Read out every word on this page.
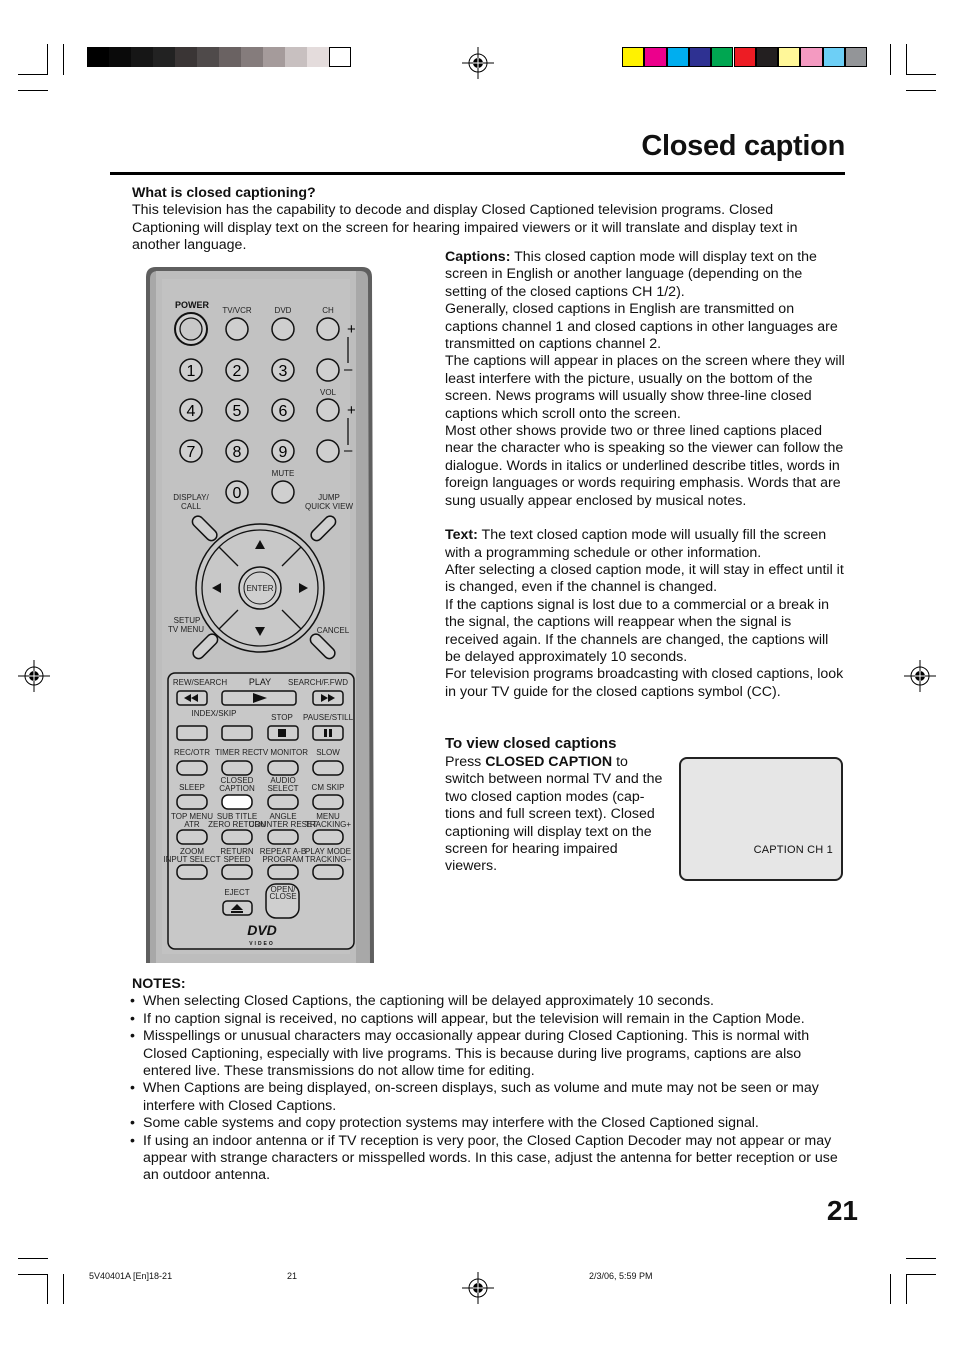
Closed caption
What is closed captioning?
This television has the capability to decode and display Closed Captioned television programs. Closed Captioning will display text on the screen for hearing impaired viewers or it will translate and display text in another language.

Captions: This closed caption mode will display text on the screen in English or another language (depending on the setting of the closed captions CH 1/2).

Generally, closed captions in English are transmitted on captions channel 1 and closed captions in other languages are transmitted on captions channel 2.

The captions will appear in places on the screen where they will least interfere with the picture, usually on the bottom of the screen. News programs will usually show three-line closed captions which scroll onto the screen.

Most other shows provide two or three lined captions placed near the character who is speaking so the viewer can follow the dialogue. Words in italics or underlined describe titles, words in foreign languages or words requiring emphasis. Words that are sung usually appear enclosed by musical notes.

Text: The text closed caption mode will usually fill the screen with a programming schedule or other information.

After selecting a closed caption mode, it will stay in effect until it is changed, even if the channel is changed.

If the captions signal is lost due to a commercial or a break in the signal, the captions will reappear when the signal is received again. If the channels are changed, the captions will be delayed approximately 10 seconds.

For television programs broadcasting with closed captions, look in your TV guide for the closed captions symbol (CC).

To view closed captions
Press CLOSED CAPTION to switch between normal TV and the two closed caption modes (cap-tions and full screen text). Closed captioning will display text on the screen for hearing impaired viewers.
CAPTION CH 1
POWER
TV/VCR	DVD	CH
+
1 2 3
4 5 6
7 8 9
0
–
VOL
+
–
MUTE
DISPLAY/
CALL
JUMP
QUICK VIEW
ENTER
SETUP
TV MENU	CANCEL
REW/SEARCH PLAY SEARCH/F.FWD
INDEX/SKIP	STOP PAUSE/STILL
REC/OTR TIMER REC
TV MONITOR SLOW
SLEEP
CLOSED
CAPTION
AUDIO
SELECT CM SKIP
TOP MENU
ATR
SUB TITLE
ZERO RETURN
ANGLE
COUNTER RESET
MENU
TRACKING+
ZOOM
INPUT SELECT
RETURN
SPEED
REPEAT A-B
PROGRAM
PLAY MODE
TRACKING–
EJECT	OPEN/
CLOSE
DVD
VIDEO
NOTES:
• When selecting Closed Captions, the captioning will be delayed approximately 10 seconds.
• If no caption signal is received, no captions will appear, but the television will remain in the Caption Mode.
• Misspellings or unusual characters may occasionally appear during Closed Captioning. This is normal with Closed Captioning, especially with live programs. This is because during live programs, captions are also entered live. These transmissions do not allow time for editing.
• When Captions are being displayed, on-screen displays, such as volume and mute may not be seen or may interfere with Closed Captions.
• Some cable systems and copy protection systems may interfere with the Closed Captioned signal.
• If using an indoor antenna or if TV reception is very poor, the Closed Caption Decoder may not appear or may appear with strange characters or misspelled words. In this case, adjust the antenna for better reception or use an outdoor antenna.
21
5V40401A [En]18-21	21	2/3/06, 5:59 PM
